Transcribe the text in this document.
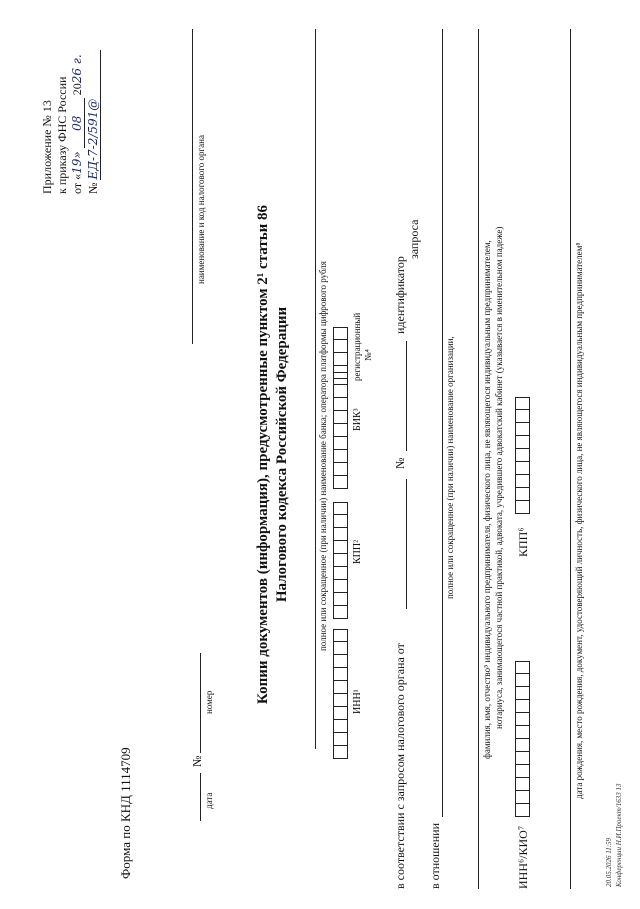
Приложение № 13 к приказу ФНС России от «19» 08 2026 г.
№ ЕД-7-2/591@	наименование и код налогового органа
Форма по КНД 1114709	№
дата
номер	Копии документов (информация), предусмотренные пунктом 2¹ статьи 86 Налогового кодекса Российской Федерации	полное или сокращенное (при наличии) наименование банка; оператора платформы цифрового рубля
ИНН¹
КПП²
БИК³
регистрационный №⁴
в соответствии с запросом налогового органа от
№
идентификатор
запроса
в отношении
полное или сокращенное (при наличии) наименование организации,	фамилия, имя, отчество⁵ индивидуального предпринимателя, физического лица, не являющегося индивидуальным предпринимателем, нотариуса, занимающегося частной практикой, адвоката, учредившего адвокатский кабинет (указывается в именительном падеже)
ИНН⁶/КИО⁷
КПП⁶	дата рождения, место рождения, документ, удостоверяющий личность, физического лица, не являющегося индивидуальным предпринимателем⁸
20.05.2026 11:59 Конференции Н.И.Проект/1633 13
